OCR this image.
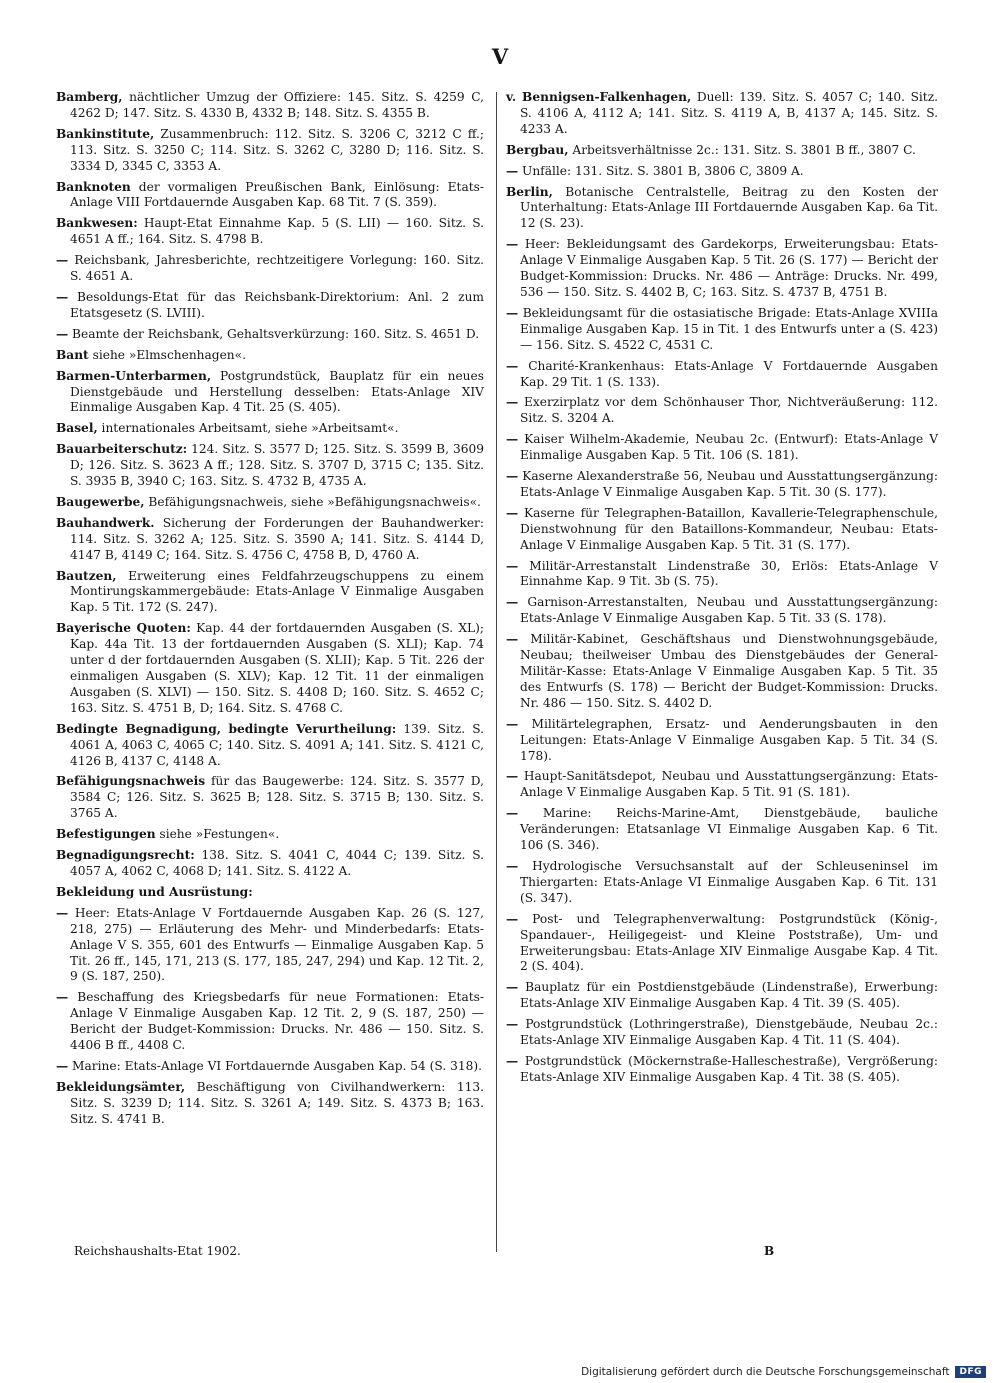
V

Bamberg, nächtlicher Umzug der Offiziere: 145. Sitz. S. 4259 C, 4262 D; 147. Sitz. S. 4330 B, 4332 B; 148. Sitz. S. 4355 B.

Bankinstitute, Zusammenbruch: 112. Sitz. S. 3206 C, 3212 C ff.; 113. Sitz. S. 3250 C; 114. Sitz. S. 3262 C, 3280 D; 116. Sitz. S. 3334 D, 3345 C, 3353 A.

Banknoten der vormaligen Preußischen Bank, Einlösung: Etats-Anlage VIII Fortdauernde Ausgaben Kap. 68 Tit. 7 (S. 359).

Bankwesen: Haupt-Etat Einnahme Kap. 5 (S. LII) — 160. Sitz. S. 4651 A ff.; 164. Sitz. S. 4798 B.

— Reichsbank, Jahresberichte, rechtzeitigere Vorlegung: 160. Sitz. S. 4651 A.

— Besoldungs-Etat für das Reichsbank-Direktorium: Anl. 2 zum Etatsgesetz (S. LVIII).

— Beamte der Reichsbank, Gehaltsverkürzung: 160. Sitz. S. 4651 D.

Bant siehe »Elmschenhagen«.

Barmen-Unterbarmen, Postgrundstück, Bauplatz für ein neues Dienstgebäude und Herstellung desselben: Etats-Anlage XIV Einmalige Ausgaben Kap. 4 Tit. 25 (S. 405).

Basel, internationales Arbeitsamt, siehe »Arbeitsamt«.

Bauarbeiterschutz: 124. Sitz. S. 3577 D; 125. Sitz. S. 3599 B, 3609 D; 126. Sitz. S. 3623 A ff.; 128. Sitz. S. 3707 D, 3715 C; 135. Sitz. S. 3935 B, 3940 C; 163. Sitz. S. 4732 B, 4735 A.

Baugewerbe, Befähigungsnachweis, siehe »Befähigungsnachweis«.

Bauhandwerk. Sicherung der Forderungen der Bauhandwerker: 114. Sitz. S. 3262 A; 125. Sitz. S. 3590 A; 141. Sitz. S. 4144 D, 4147 B, 4149 C; 164. Sitz. S. 4756 C, 4758 B, D, 4760 A.

Bautzen, Erweiterung eines Feldfahrzeugschuppens zu einem Montirungskammergebäude: Etats-Anlage V Einmalige Ausgaben Kap. 5 Tit. 172 (S. 247).

Bayerische Quoten: Kap. 44 der fortdauernden Ausgaben (S. XL); Kap. 44a Tit. 13 der fortdauernden Ausgaben (S. XLI); Kap. 74 unter d der fortdauernden Ausgaben (S. XLII); Kap. 5 Tit. 226 der einmaligen Ausgaben (S. XLV); Kap. 12 Tit. 11 der einmaligen Ausgaben (S. XLVI) — 150. Sitz. S. 4408 D; 160. Sitz. S. 4652 C; 163. Sitz. S. 4751 B, D; 164. Sitz. S. 4768 C.

Bedingte Begnadigung, bedingte Verurtheilung: 139. Sitz. S. 4061 A, 4063 C, 4065 C; 140. Sitz. S. 4091 A; 141. Sitz. S. 4121 C, 4126 B, 4137 C, 4148 A.

Befähigungsnachweis für das Baugewerbe: 124. Sitz. S. 3577 D, 3584 C; 126. Sitz. S. 3625 B; 128. Sitz. S. 3715 B; 130. Sitz. S. 3765 A.

Befestigungen siehe »Festungen«.

Begnadigungsrecht: 138. Sitz. S. 4041 C, 4044 C; 139. Sitz. S. 4057 A, 4062 C, 4068 D; 141. Sitz. S. 4122 A.

Bekleidung und Ausrüstung:

— Heer: Etats-Anlage V Fortdauernde Ausgaben Kap. 26 (S. 127, 218, 275) — Erläuterung des Mehr- und Minderbedarfs: Etats-Anlage V S. 355, 601 des Entwurfs — Einmalige Ausgaben Kap. 5 Tit. 26 ff., 145, 171, 213 (S. 177, 185, 247, 294) und Kap. 12 Tit. 2, 9 (S. 187, 250).

— Beschaffung des Kriegsbedarfs für neue Formationen: Etats-Anlage V Einmalige Ausgaben Kap. 12 Tit. 2, 9 (S. 187, 250) — Bericht der Budget-Kommission: Drucks. Nr. 486 — 150. Sitz. S. 4406 B ff., 4408 C.

— Marine: Etats-Anlage VI Fortdauernde Ausgaben Kap. 54 (S. 318).

Bekleidungsämter, Beschäftigung von Civilhandwerkern: 113. Sitz. S. 3239 D; 114. Sitz. S. 3261 A; 149. Sitz. S. 4373 B; 163. Sitz. S. 4741 B.

v. Bennigsen-Falkenhagen, Duell: 139. Sitz. S. 4057 C; 140. Sitz. S. 4106 A, 4112 A; 141. Sitz. S. 4119 A, B, 4137 A; 145. Sitz. S. 4233 A.

Bergbau, Arbeitsverhältnisse 2c.: 131. Sitz. S. 3801 B ff., 3807 C.

— Unfälle: 131. Sitz. S. 3801 B, 3806 C, 3809 A.

Berlin, Botanische Centralstelle, Beitrag zu den Kosten der Unterhaltung: Etats-Anlage III Fortdauernde Ausgaben Kap. 6a Tit. 12 (S. 23).

— Heer: Bekleidungsamt des Gardekorps, Erweiterungsbau: Etats-Anlage V Einmalige Ausgaben Kap. 5 Tit. 26 (S. 177) — Bericht der Budget-Kommission: Drucks. Nr. 486 — Anträge: Drucks. Nr. 499, 536 — 150. Sitz. S. 4402 B, C; 163. Sitz. S. 4737 B, 4751 B.

— Bekleidungsamt für die ostasiatische Brigade: Etats-Anlage XVIIIa Einmalige Ausgaben Kap. 15 in Tit. 1 des Entwurfs unter a (S. 423) — 156. Sitz. S. 4522 C, 4531 C.

— Charité-Krankenhaus: Etats-Anlage V Fortdauernde Ausgaben Kap. 29 Tit. 1 (S. 133).

— Exerzirplatz vor dem Schönhauser Thor, Nichtveräußerung: 112. Sitz. S. 3204 A.

— Kaiser Wilhelm-Akademie, Neubau 2c. (Entwurf): Etats-Anlage V Einmalige Ausgaben Kap. 5 Tit. 106 (S. 181).

— Kaserne Alexanderstraße 56, Neubau und Ausstattungsergänzung: Etats-Anlage V Einmalige Ausgaben Kap. 5 Tit. 30 (S. 177).

— Kaserne für Telegraphen-Bataillon, Kavallerie-Telegraphenschule, Dienstwohnung für den Bataillons-Kommandeur, Neubau: Etats-Anlage V Einmalige Ausgaben Kap. 5 Tit. 31 (S. 177).

— Militär-Arrestanstalt Lindenstraße 30, Erlös: Etats-Anlage V Einnahme Kap. 9 Tit. 3b (S. 75).

— Garnison-Arrestanstalten, Neubau und Ausstattungsergänzung: Etats-Anlage V Einmalige Ausgaben Kap. 5 Tit. 33 (S. 178).

— Militär-Kabinet, Geschäftshaus und Dienstwohnungsgebäude, Neubau; theilweiser Umbau des Dienstgebäudes der General-Militär-Kasse: Etats-Anlage V Einmalige Ausgaben Kap. 5 Tit. 35 des Entwurfs (S. 178) — Bericht der Budget-Kommission: Drucks. Nr. 486 — 150. Sitz. S. 4402 D.

— Militärtelegraphen, Ersatz- und Aenderungsbauten in den Leitungen: Etats-Anlage V Einmalige Ausgaben Kap. 5 Tit. 34 (S. 178).

— Haupt-Sanitätsdepot, Neubau und Ausstattungsergänzung: Etats-Anlage V Einmalige Ausgaben Kap. 5 Tit. 91 (S. 181).

— Marine: Reichs-Marine-Amt, Dienstgebäude, bauliche Veränderungen: Etatsanlage VI Einmalige Ausgaben Kap. 6 Tit. 106 (S. 346).

— Hydrologische Versuchsanstalt auf der Schleuseninsel im Thiergarten: Etats-Anlage VI Einmalige Ausgaben Kap. 6 Tit. 131 (S. 347).

— Post- und Telegraphenverwaltung: Postgrundstück (König-, Spandauer-, Heiligegeist- und Kleine Poststraße), Um- und Erweiterungsbau: Etats-Anlage XIV Einmalige Ausgabe Kap. 4 Tit. 2 (S. 404).

— Bauplatz für ein Postdienstgebäude (Lindenstraße), Erwerbung: Etats-Anlage XIV Einmalige Ausgaben Kap. 4 Tit. 39 (S. 405).

— Postgrundstück (Lothringerstraße), Dienstgebäude, Neubau 2c.: Etats-Anlage XIV Einmalige Ausgaben Kap. 4 Tit. 11 (S. 404).

— Postgrundstück (Möckernstraße-Halleschestraße), Vergrößerung: Etats-Anlage XIV Einmalige Ausgaben Kap. 4 Tit. 38 (S. 405).

Reichshaushalts-Etat 1902.	B
Digitalisierung gefördert durch die Deutsche Forschungsgemeinschaft	DFG
